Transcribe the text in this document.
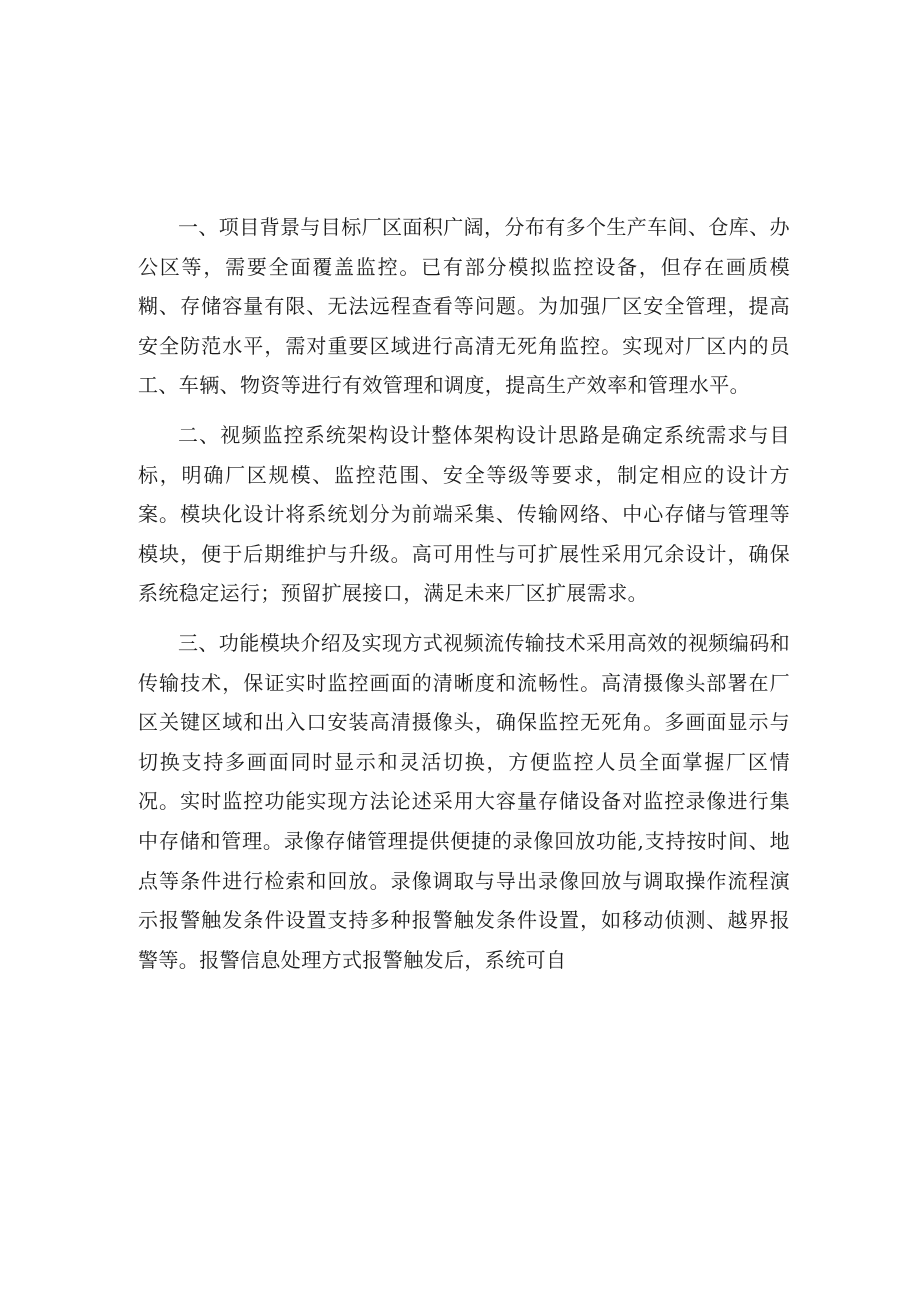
一、项目背景与目标厂区面积广阔，分布有多个生产车间、仓库、办公区等，需要全面覆盖监控。已有部分模拟监控设备，但存在画质模糊、存储容量有限、无法远程查看等问题。为加强厂区安全管理，提高安全防范水平，需对重要区域进行高清无死角监控。实现对厂区内的员工、车辆、物资等进行有效管理和调度，提高生产效率和管理水平。

二、视频监控系统架构设计整体架构设计思路是确定系统需求与目标，明确厂区规模、监控范围、安全等级等要求，制定相应的设计方案。模块化设计将系统划分为前端采集、传输网络、中心存储与管理等模块，便于后期维护与升级。高可用性与可扩展性采用冗余设计，确保系统稳定运行；预留扩展接口，满足未来厂区扩展需求。

三、功能模块介绍及实现方式视频流传输技术采用高效的视频编码和传输技术，保证实时监控画面的清晰度和流畅性。高清摄像头部署在厂区关键区域和出入口安装高清摄像头，确保监控无死角。多画面显示与切换支持多画面同时显示和灵活切换，方便监控人员全面掌握厂区情况。实时监控功能实现方法论述采用大容量存储设备对监控录像进行集中存储和管理。录像存储管理提供便捷的录像回放功能,支持按时间、地点等条件进行检索和回放。录像调取与导出录像回放与调取操作流程演示报警触发条件设置支持多种报警触发条件设置，如移动侦测、越界报警等。报警信息处理方式报警触发后，系统可自
